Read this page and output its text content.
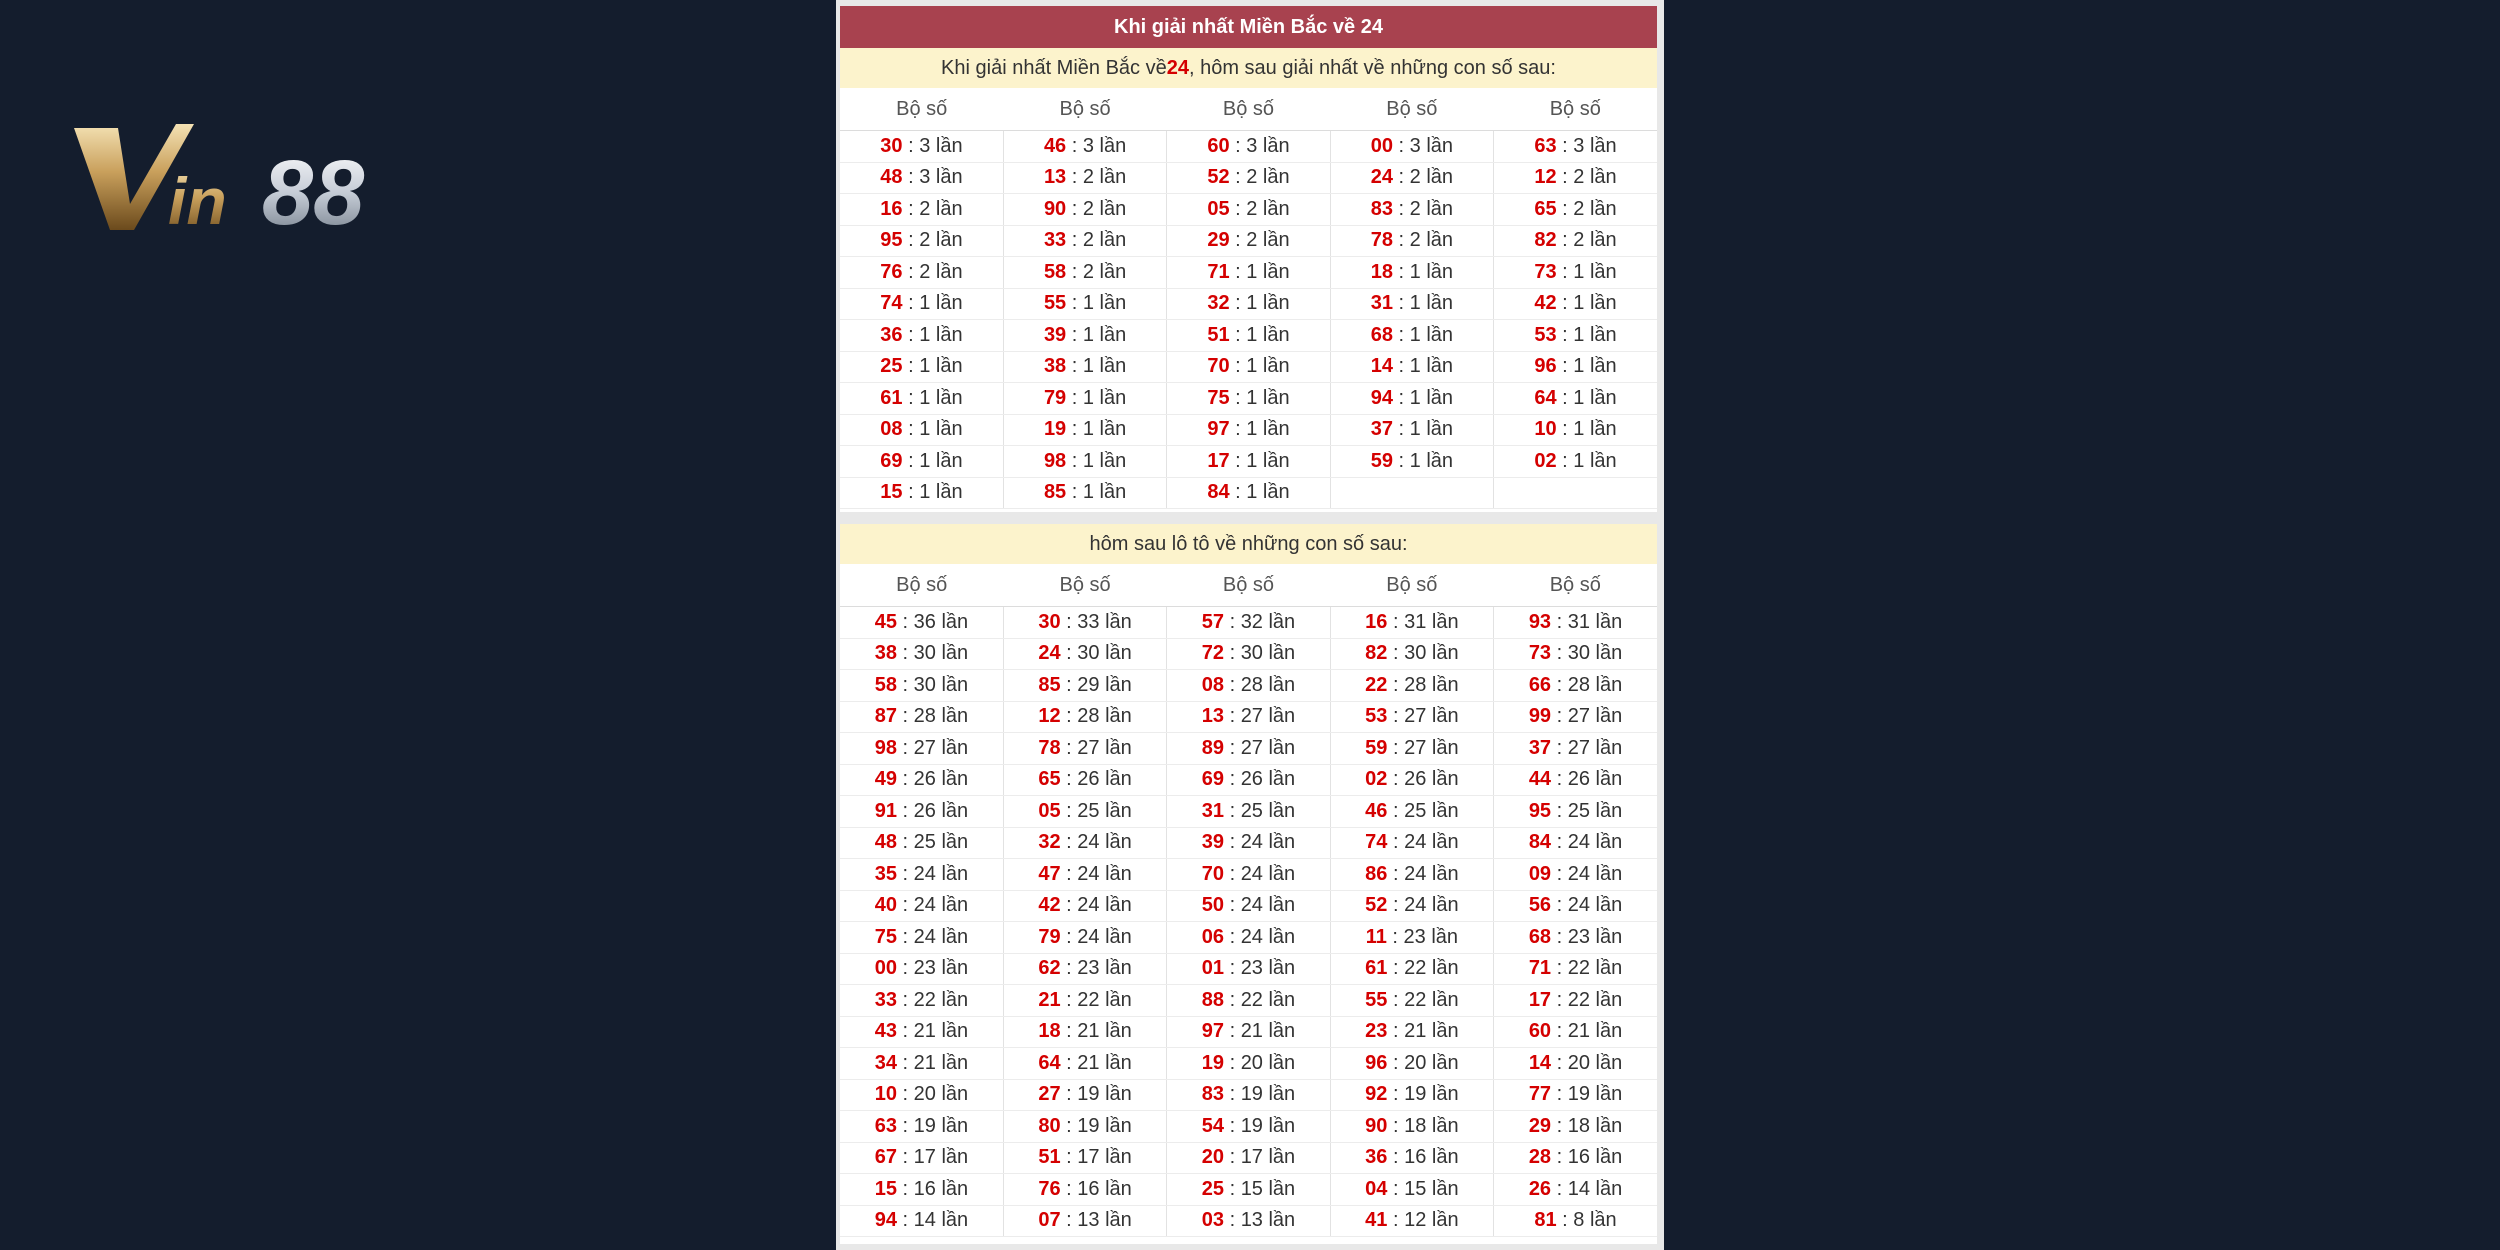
in 88
Khi giải nhất Miền Bắc về 24
Khi giải nhất Miền Bắc về 24 , hôm sau giải nhất về những con số sau:
Bộ số	Bộ số	Bộ số	Bộ số	Bộ số
30 : 3 lần	46 : 3 lần	60 : 3 lần	00 : 3 lần	63 : 3 lần
48 : 3 lần	13 : 2 lần	52 : 2 lần	24 : 2 lần	12 : 2 lần
16 : 2 lần	90 : 2 lần	05 : 2 lần	83 : 2 lần	65 : 2 lần
95 : 2 lần	33 : 2 lần	29 : 2 lần	78 : 2 lần	82 : 2 lần
76 : 2 lần	58 : 2 lần	71 : 1 lần	18 : 1 lần	73 : 1 lần
74 : 1 lần	55 : 1 lần	32 : 1 lần	31 : 1 lần	42 : 1 lần
36 : 1 lần	39 : 1 lần	51 : 1 lần	68 : 1 lần	53 : 1 lần
25 : 1 lần	38 : 1 lần	70 : 1 lần	14 : 1 lần	96 : 1 lần
61 : 1 lần	79 : 1 lần	75 : 1 lần	94 : 1 lần	64 : 1 lần
08 : 1 lần	19 : 1 lần	97 : 1 lần	37 : 1 lần	10 : 1 lần
69 : 1 lần	98 : 1 lần	17 : 1 lần	59 : 1 lần	02 : 1 lần
15 : 1 lần	85 : 1 lần	84 : 1 lần		
hôm sau lô tô về những con số sau:
Bộ số	Bộ số	Bộ số	Bộ số	Bộ số
45 : 36 lần	30 : 33 lần	57 : 32 lần	16 : 31 lần	93 : 31 lần
38 : 30 lần	24 : 30 lần	72 : 30 lần	82 : 30 lần	73 : 30 lần
58 : 30 lần	85 : 29 lần	08 : 28 lần	22 : 28 lần	66 : 28 lần
87 : 28 lần	12 : 28 lần	13 : 27 lần	53 : 27 lần	99 : 27 lần
98 : 27 lần	78 : 27 lần	89 : 27 lần	59 : 27 lần	37 : 27 lần
49 : 26 lần	65 : 26 lần	69 : 26 lần	02 : 26 lần	44 : 26 lần
91 : 26 lần	05 : 25 lần	31 : 25 lần	46 : 25 lần	95 : 25 lần
48 : 25 lần	32 : 24 lần	39 : 24 lần	74 : 24 lần	84 : 24 lần
35 : 24 lần	47 : 24 lần	70 : 24 lần	86 : 24 lần	09 : 24 lần
40 : 24 lần	42 : 24 lần	50 : 24 lần	52 : 24 lần	56 : 24 lần
75 : 24 lần	79 : 24 lần	06 : 24 lần	11 : 23 lần	68 : 23 lần
00 : 23 lần	62 : 23 lần	01 : 23 lần	61 : 22 lần	71 : 22 lần
33 : 22 lần	21 : 22 lần	88 : 22 lần	55 : 22 lần	17 : 22 lần
43 : 21 lần	18 : 21 lần	97 : 21 lần	23 : 21 lần	60 : 21 lần
34 : 21 lần	64 : 21 lần	19 : 20 lần	96 : 20 lần	14 : 20 lần
10 : 20 lần	27 : 19 lần	83 : 19 lần	92 : 19 lần	77 : 19 lần
63 : 19 lần	80 : 19 lần	54 : 19 lần	90 : 18 lần	29 : 18 lần
67 : 17 lần	51 : 17 lần	20 : 17 lần	36 : 16 lần	28 : 16 lần
15 : 16 lần	76 : 16 lần	25 : 15 lần	04 : 15 lần	26 : 14 lần
94 : 14 lần	07 : 13 lần	03 : 13 lần	41 : 12 lần	81 : 8 lần
